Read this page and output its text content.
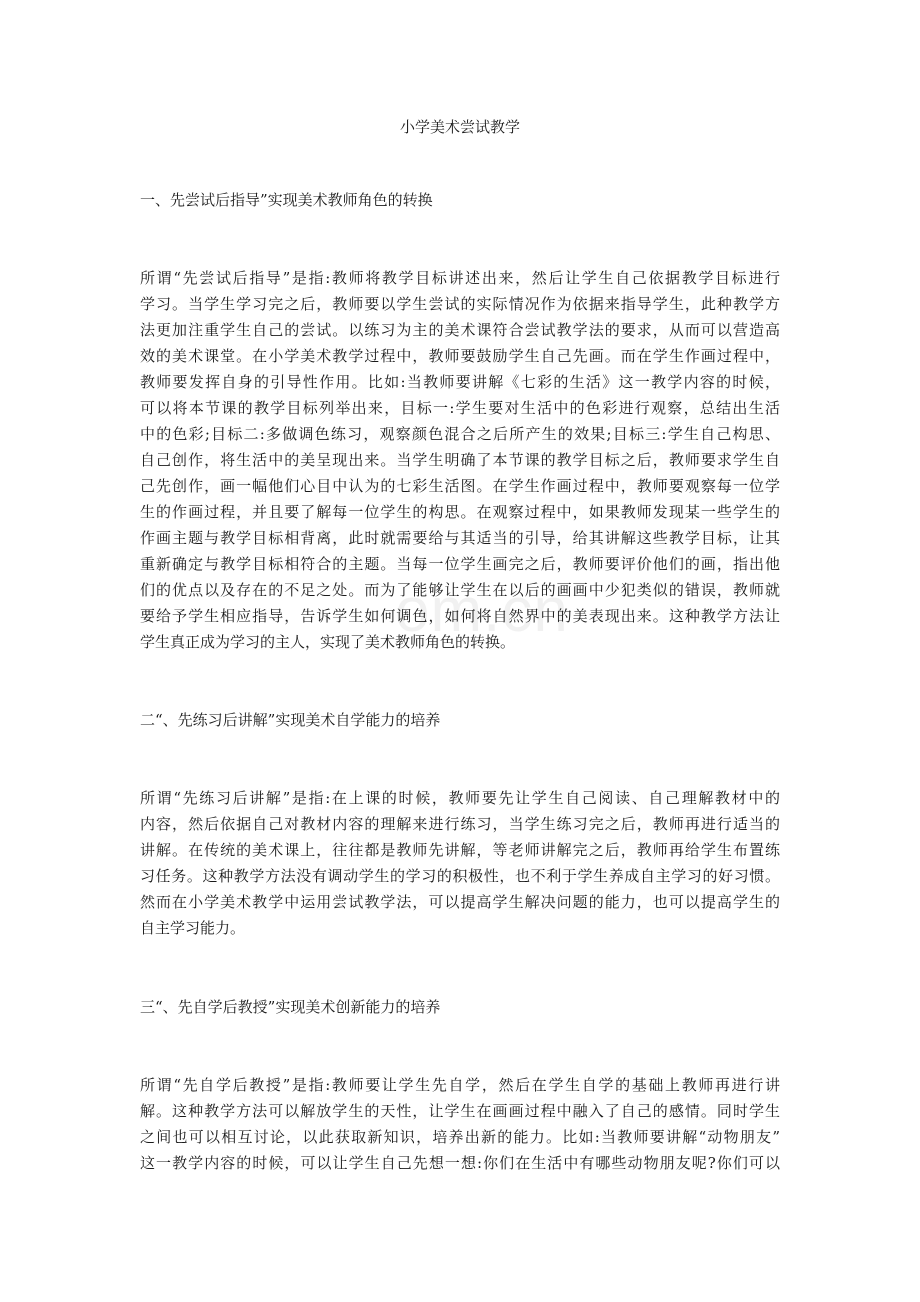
om.cn
小学美术尝试教学
一、先尝试后指导”实现美术教师角色的转换
所谓“先尝试后指导”是指:教师将教学目标讲述出来，然后让学生自己依据教学目标进行
学习。当学生学习完之后，教师要以学生尝试的实际情况作为依据来指导学生，此种教学方
法更加注重学生自己的尝试。以练习为主的美术课符合尝试教学法的要求，从而可以营造高
效的美术课堂。在小学美术教学过程中，教师要鼓励学生自己先画。而在学生作画过程中，
教师要发挥自身的引导性作用。比如:当教师要讲解《七彩的生活》这一教学内容的时候，
可以将本节课的教学目标列举出来，目标一:学生要对生活中的色彩进行观察，总结出生活
中的色彩;目标二:多做调色练习，观察颜色混合之后所产生的效果;目标三:学生自己构思、
自己创作，将生活中的美呈现出来。当学生明确了本节课的教学目标之后，教师要求学生自
己先创作，画一幅他们心目中认为的七彩生活图。在学生作画过程中，教师要观察每一位学
生的作画过程，并且要了解每一位学生的构思。在观察过程中，如果教师发现某一些学生的
作画主题与教学目标相背离，此时就需要给与其适当的引导，给其讲解这些教学目标，让其
重新确定与教学目标相符合的主题。当每一位学生画完之后，教师要评价他们的画，指出他
们的优点以及存在的不足之处。而为了能够让学生在以后的画画中少犯类似的错误，教师就
要给予学生相应指导，告诉学生如何调色，如何将自然界中的美表现出来。这种教学方法让
学生真正成为学习的主人，实现了美术教师角色的转换。
二“、先练习后讲解”实现美术自学能力的培养
所谓“先练习后讲解”是指:在上课的时候，教师要先让学生自己阅读、自己理解教材中的
内容，然后依据自己对教材内容的理解来进行练习，当学生练习完之后，教师再进行适当的
讲解。在传统的美术课上，往往都是教师先讲解，等老师讲解完之后，教师再给学生布置练
习任务。这种教学方法没有调动学生的学习的积极性，也不利于学生养成自主学习的好习惯。
然而在小学美术教学中运用尝试教学法，可以提高学生解决问题的能力，也可以提高学生的
自主学习能力。
三“、先自学后教授”实现美术创新能力的培养
所谓“先自学后教授”是指:教师要让学生先自学，然后在学生自学的基础上教师再进行讲
解。这种教学方法可以解放学生的天性，让学生在画画过程中融入了自己的感情。同时学生
之间也可以相互讨论，以此获取新知识，培养出新的能力。比如:当教师要讲解“动物朋友”
这一教学内容的时候，可以让学生自己先想一想:你们在生活中有哪些动物朋友呢?你们可以
